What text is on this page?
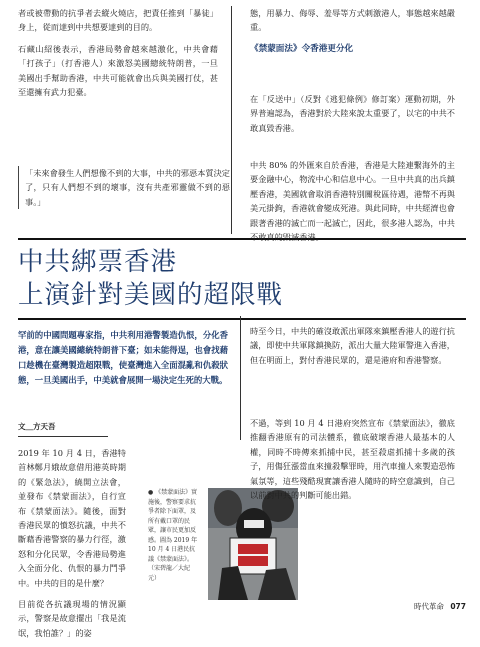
者或被帶動的抗爭者去縱火燒店，把責任推到「暴徒」身上，從而達到中共想要達到的目的。

石藏山紹後表示，香港局勢會越來越激化，中共會藉「打孩子」（打香港人）來激怒美國總統特朗普，一旦美國出手幫助香港，中共可能就會出兵與美國打仗，甚至還擁有武力犯臺。

「未來會發生人們想像不到的大事，中共的邪惡本質決定了，只有人們想不到的壞事，沒有共產邪靈做不到的惡事。」
中共綁票香港
上演針對美國的超限戰
罕前的中國問題專家指，中共利用港警製造仇恨，分化香港，意在讓美國總統特朗普下臺；如未能得逞，也會找藉口趁機在臺灣製造超限戰，使臺灣進入全面混亂和仇殺狀態，一旦美國出手，中美就會展開一場決定生死的大戰。
文＿方天吾

2019 年 10 月 4 日，香港特首林鄭月娥故意借用港英時期的《緊急法》，繞開立法會，並發布《禁蒙面法》，自行宣布《禁蒙面法》。隨後，面對香港民眾的憤怒抗議，中共不斷藉香港警察的暴力行徑，激怒和分化民眾，令香港局勢進入全面分化、仇恨的暴力鬥爭中。中共的目的是什麼？

目前從各抗議現場的情況顯示，警察是故意擺出「我是流氓，我怕誰？」的姿

● 《禁蒙面法》實施後，警察要求抗爭者除下面罩，及所有戴口罩的民眾，讓市民更加反感。圖為 2019 年 10 月 4 日港民抗議《禁蒙面法》。（宋碧龍／大紀元）

態，用暴力、侮辱、羞辱等方式刺激港人，事態越來越嚴重。

《禁蒙面法》令香港更分化

在「反送中」（反對《逃犯條例》修訂案）運動初期，外界普遍認為，香港對於大陸來說太重要了，以宅的中共不敢真毀香港。

中共 80% 的外匯來自於香港，香港是大陸連繫海外的主要金融中心，物流中心和信息中心。一旦中共真的出兵鎮壓香港，美國就會取消香港特別關稅區待遇，港幣不再與美元掛鉤，香港就會變成死港。與此同時，中共經濟也會跟著香港的滅亡而一起滅亡，因此，很多港人認為，中共不敢真的毀滅香港。

時至今日，中共的確沒敢派出軍隊來鎮壓香港人的遊行抗議，即使中共軍隊鎮換防，派出大量大陸軍警進入香港，但在明面上，對付香港民眾的，還是港府和香港警察。

不過，等到 10 月 4 日港府突然宣布《禁蒙面法》，徹底推翻香港原有的司法體系，徹底破壞香港人最基本的人權，同時不時傳來抓捕中民，甚至殺虐抓捕十多歲的孩子，用傷狂漲當血來撞殺擊罪時，用汽車撞人來製造恐怖氣氛等，這些殘酷現實讓香港人隨時的時空意識到，自己以前對中共的判斷可能出錯。

時代革命 077
